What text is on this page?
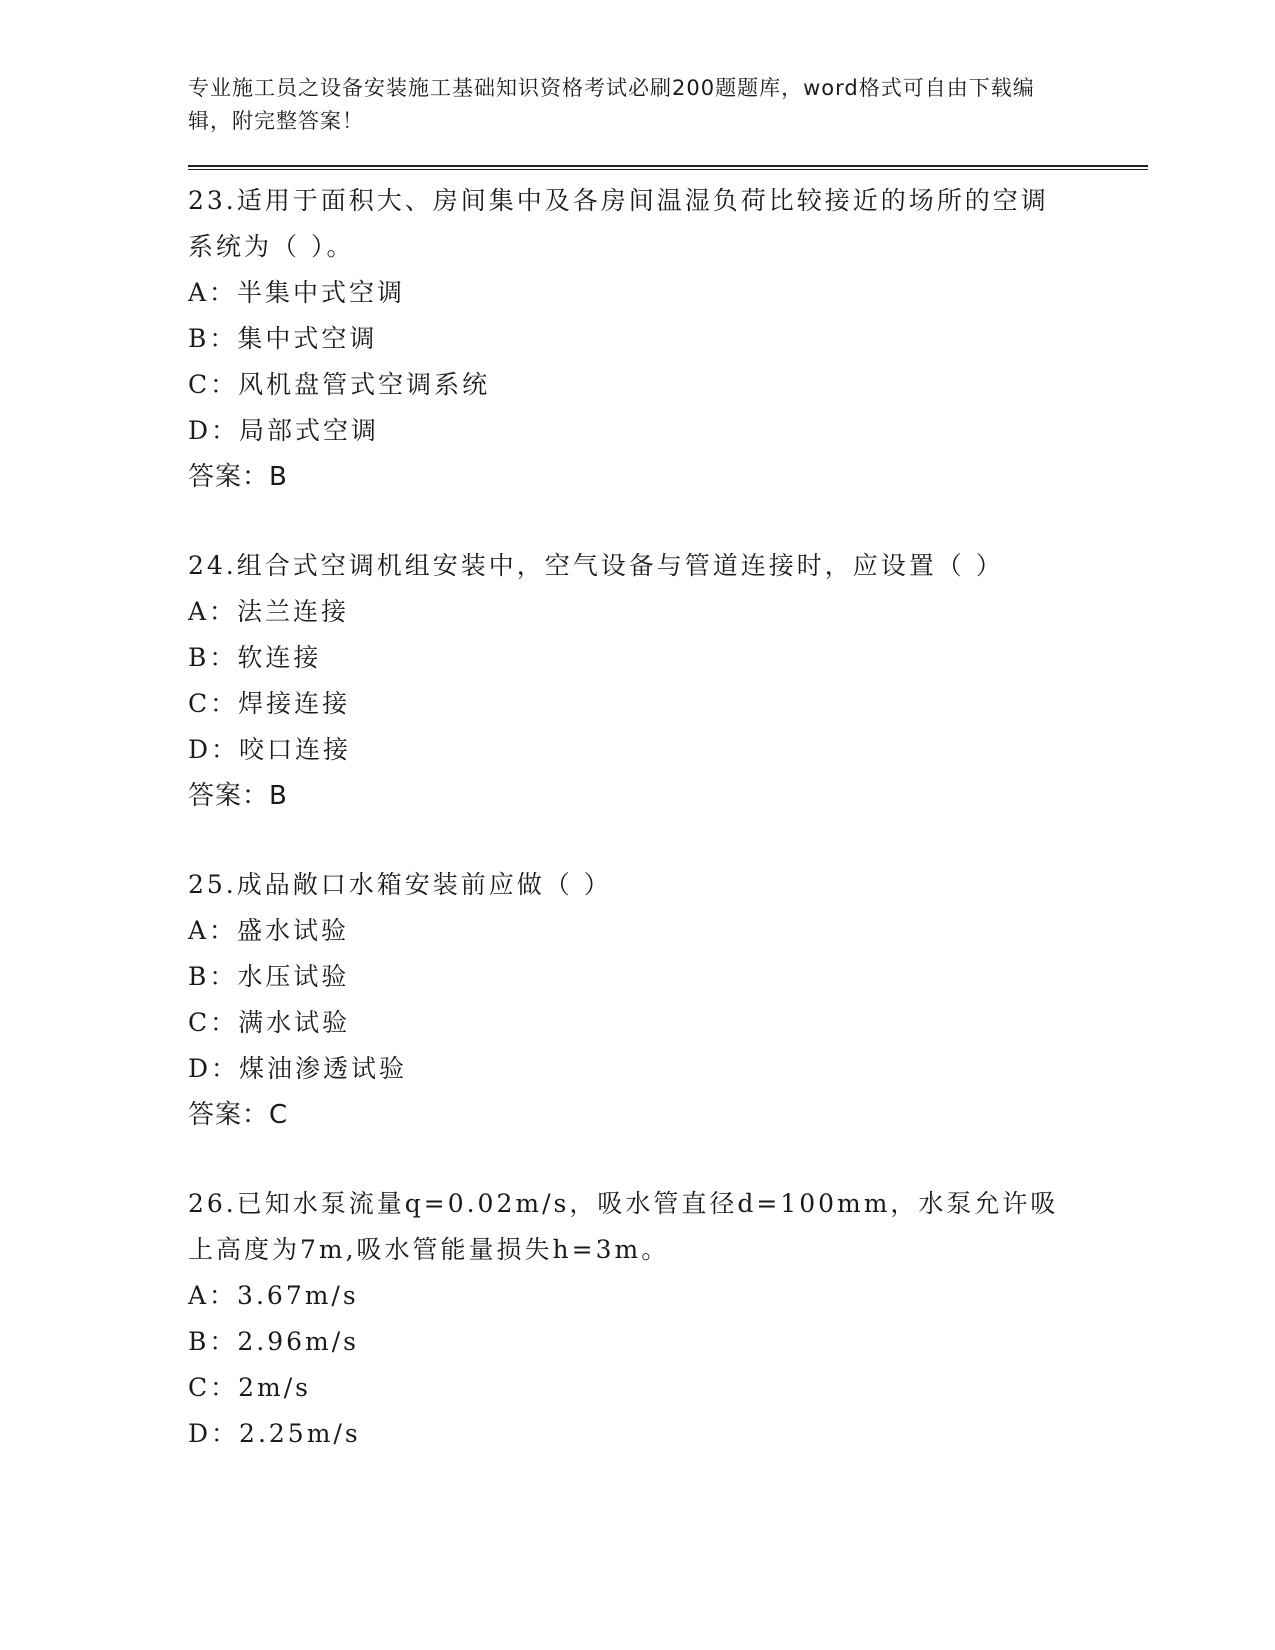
专业施工员之设备安装施工基础知识资格考试必刷200题题库，word格式可自由下载编辑，附完整答案！
23.适用于面积大、房间集中及各房间温湿负荷比较接近的场所的空调系统为（ ）。
A：半集中式空调
B：集中式空调
C：风机盘管式空调系统
D：局部式空调
答案：B
24.组合式空调机组安装中，空气设备与管道连接时，应设置（ ）
A：法兰连接
B：软连接
C：焊接连接
D：咬口连接
答案：B
25.成品敞口水箱安装前应做（ ）
A：盛水试验
B：水压试验
C：满水试验
D：煤油渗透试验
答案：C
26.已知水泵流量q=0.02m/s，吸水管直径d=100mm，水泵允许吸上高度为7m,吸水管能量损失h=3m。
A：3.67m/s
B：2.96m/s
C：2m/s
D：2.25m/s
